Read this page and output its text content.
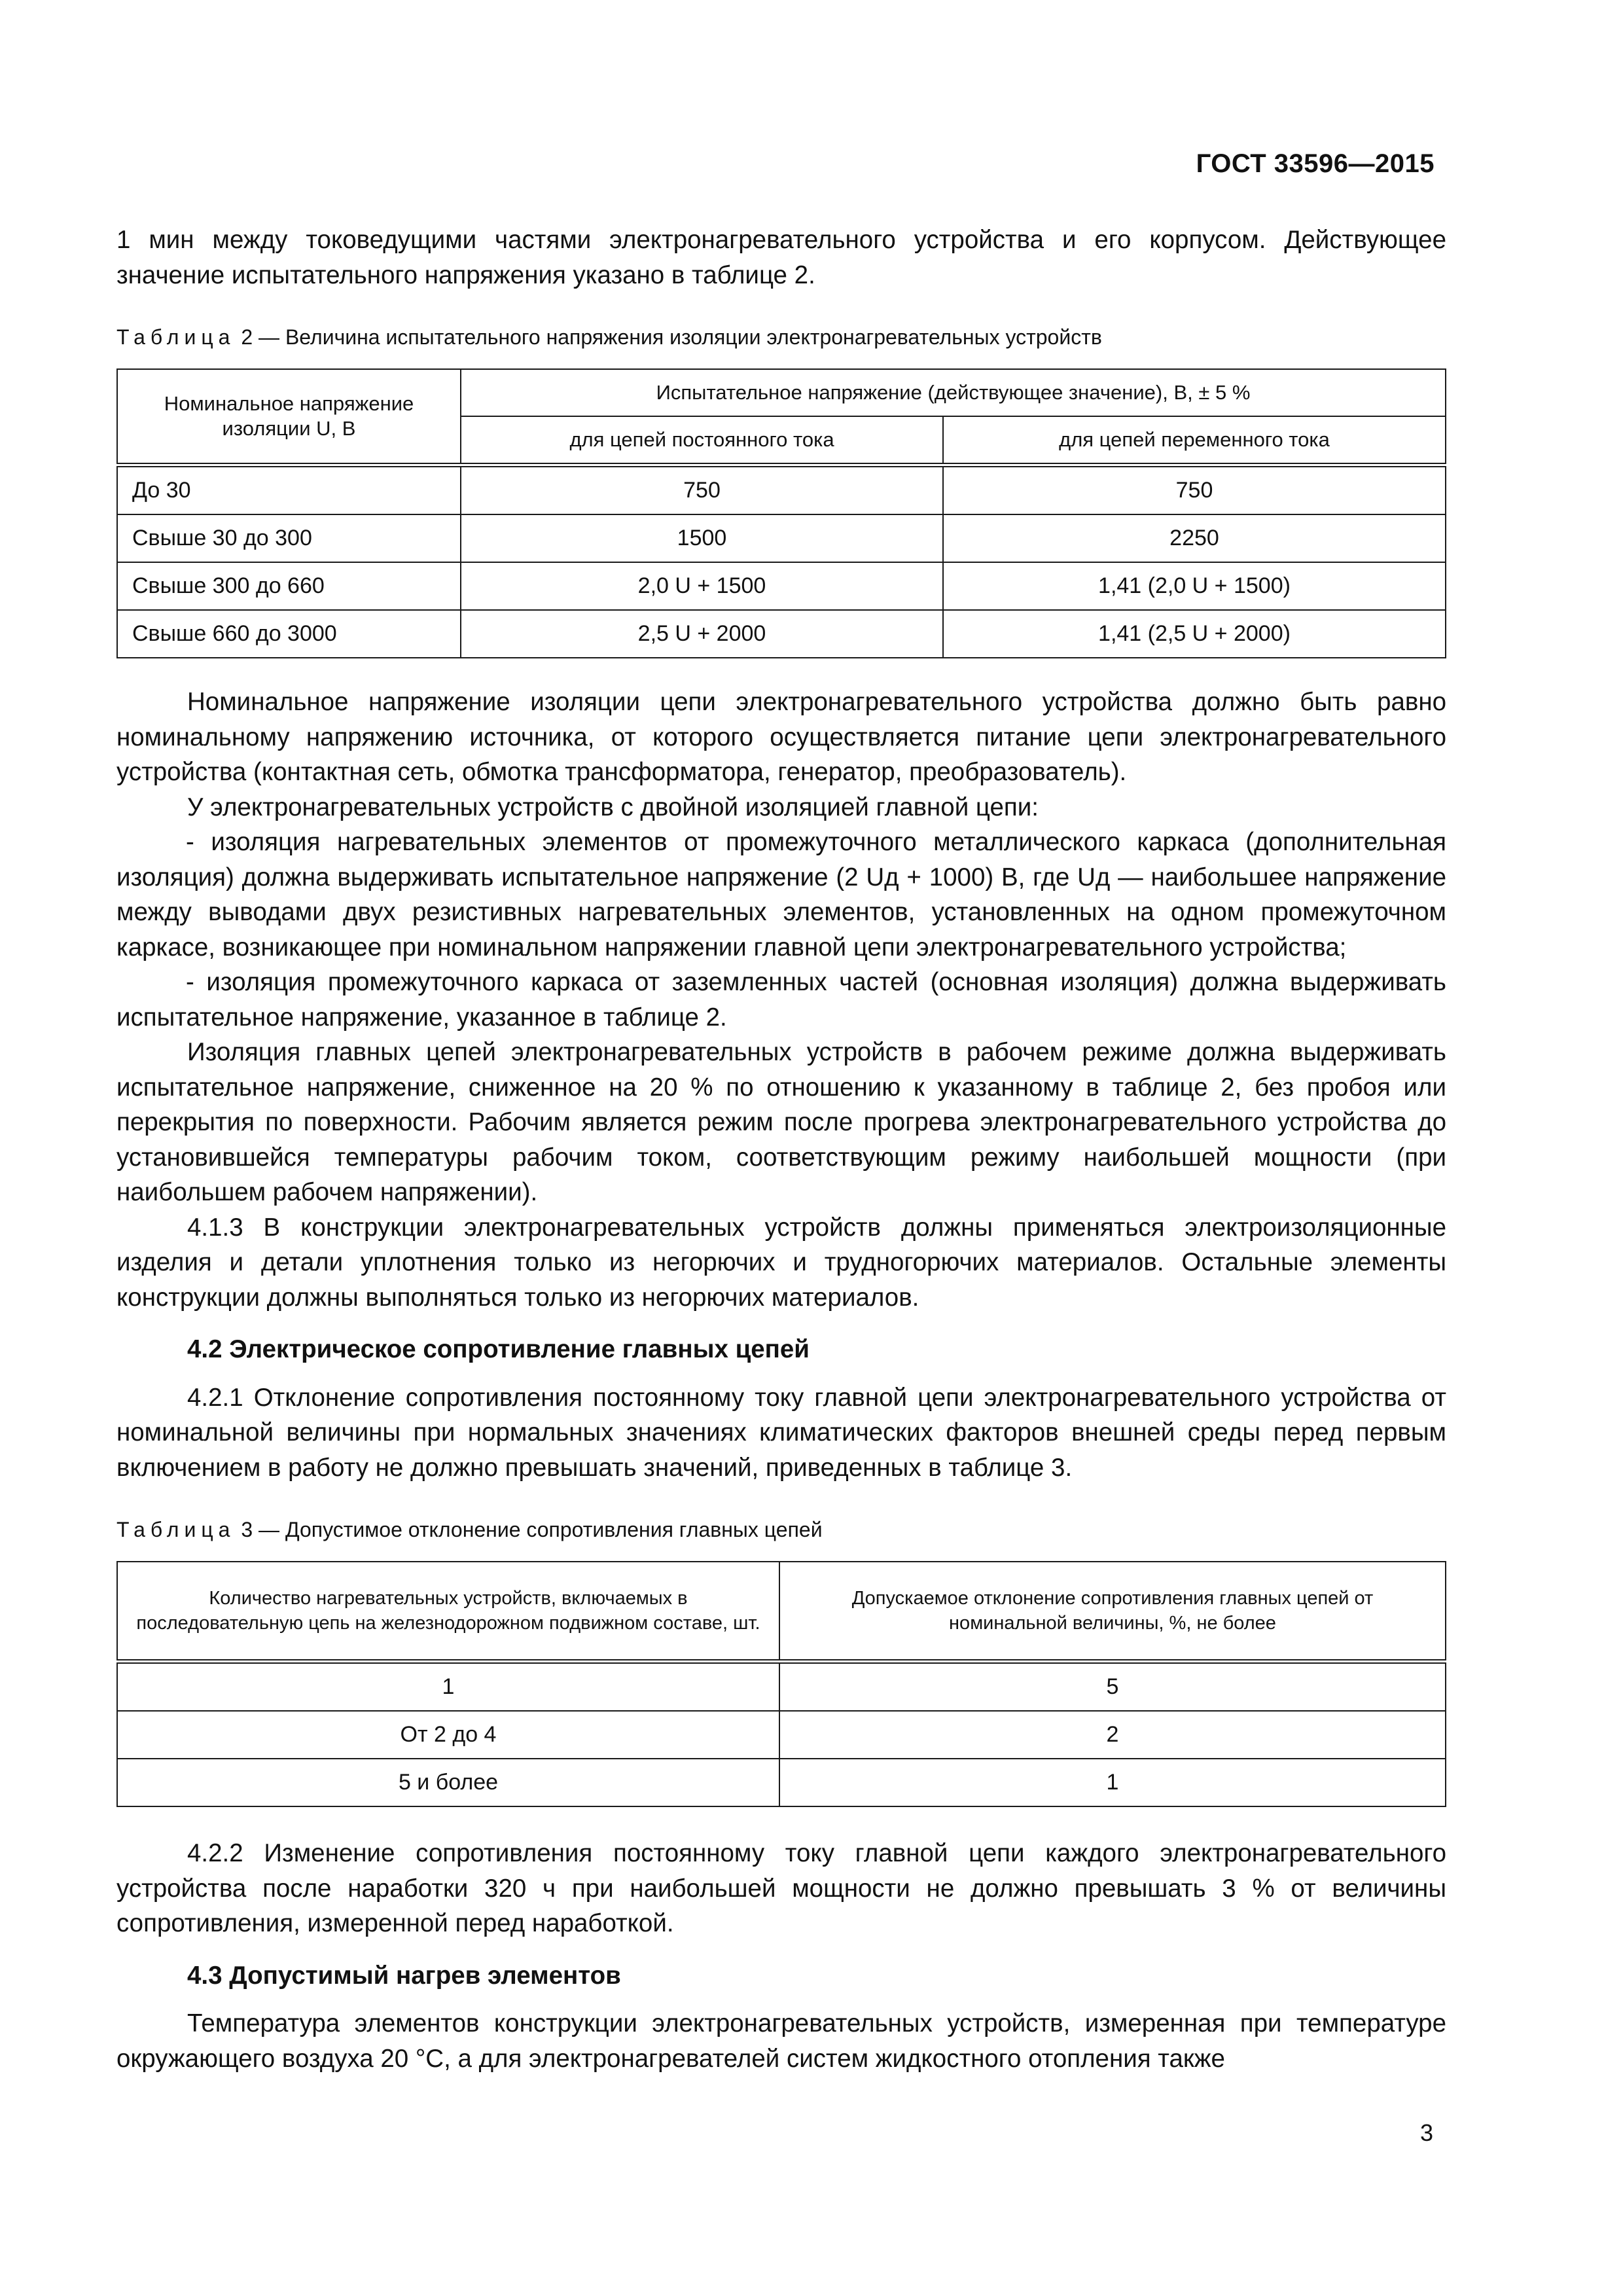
ГОСТ 33596—2015

1 мин между токоведущими частями электронагревательного устройства и его корпусом. Действующее значение испытательного напряжения указано в таблице 2.

Таблица 2 — Величина испытательного напряжения изоляции электронагревательных устройств
Номинальное напряжение изоляции U, В	Испытательное напряжение (действующее значение), В, ± 5 %	
	для цепей постоянного тока	для цепей переменного тока
До 30	750	750
Свыше 30 до 300	1500	2250
Свыше 300 до 660	2,0 U + 1500	1,41 (2,0 U + 1500)
Свыше 660 до 3000	2,5 U + 2000	1,41 (2,5 U + 2000)

Номинальное напряжение изоляции цепи электронагревательного устройства должно быть равно номинальному напряжению источника, от которого осуществляется питание цепи электронагревательного устройства (контактная сеть, обмотка трансформатора, генератор, преобразователь).

У электронагревательных устройств с двойной изоляцией главной цепи:

- изоляция нагревательных элементов от промежуточного металлического каркаса (дополнительная изоляция) должна выдерживать испытательное напряжение (2 Uд + 1000) В, где Uд — наибольшее напряжение между выводами двух резистивных нагревательных элементов, установленных на одном промежуточном каркасе, возникающее при номинальном напряжении главной цепи электронагревательного устройства;

- изоляция промежуточного каркаса от заземленных частей (основная изоляция) должна выдерживать испытательное напряжение, указанное в таблице 2.

Изоляция главных цепей электронагревательных устройств в рабочем режиме должна выдерживать испытательное напряжение, сниженное на 20 % по отношению к указанному в таблице 2, без пробоя или перекрытия по поверхности. Рабочим является режим после прогрева электронагревательного устройства до установившейся температуры рабочим током, соответствующим режиму наибольшей мощности (при наибольшем рабочем напряжении).

4.1.3 В конструкции электронагревательных устройств должны применяться электроизоляционные изделия и детали уплотнения только из негорючих и трудногорючих материалов. Остальные элементы конструкции должны выполняться только из негорючих материалов.

4.2 Электрическое сопротивление главных цепей

4.2.1 Отклонение сопротивления постоянному току главной цепи электронагревательного устройства от номинальной величины при нормальных значениях климатических факторов внешней среды перед первым включением в работу не должно превышать значений, приведенных в таблице 3.

Таблица 3 — Допустимое отклонение сопротивления главных цепей
Количество нагревательных устройств, включаемых в последовательную цепь на железнодорожном подвижном составе, шт.	Допускаемое отклонение сопротивления главных цепей от номинальной величины, %, не более
1	5
От 2 до 4	2
5 и более	1

4.2.2 Изменение сопротивления постоянному току главной цепи каждого электронагревательного устройства после наработки 320 ч при наибольшей мощности не должно превышать 3 % от величины сопротивления, измеренной перед наработкой.

4.3 Допустимый нагрев элементов

Температура элементов конструкции электронагревательных устройств, измеренная при температуре окружающего воздуха 20 °С, а для электронагревателей систем жидкостного отопления также

3
